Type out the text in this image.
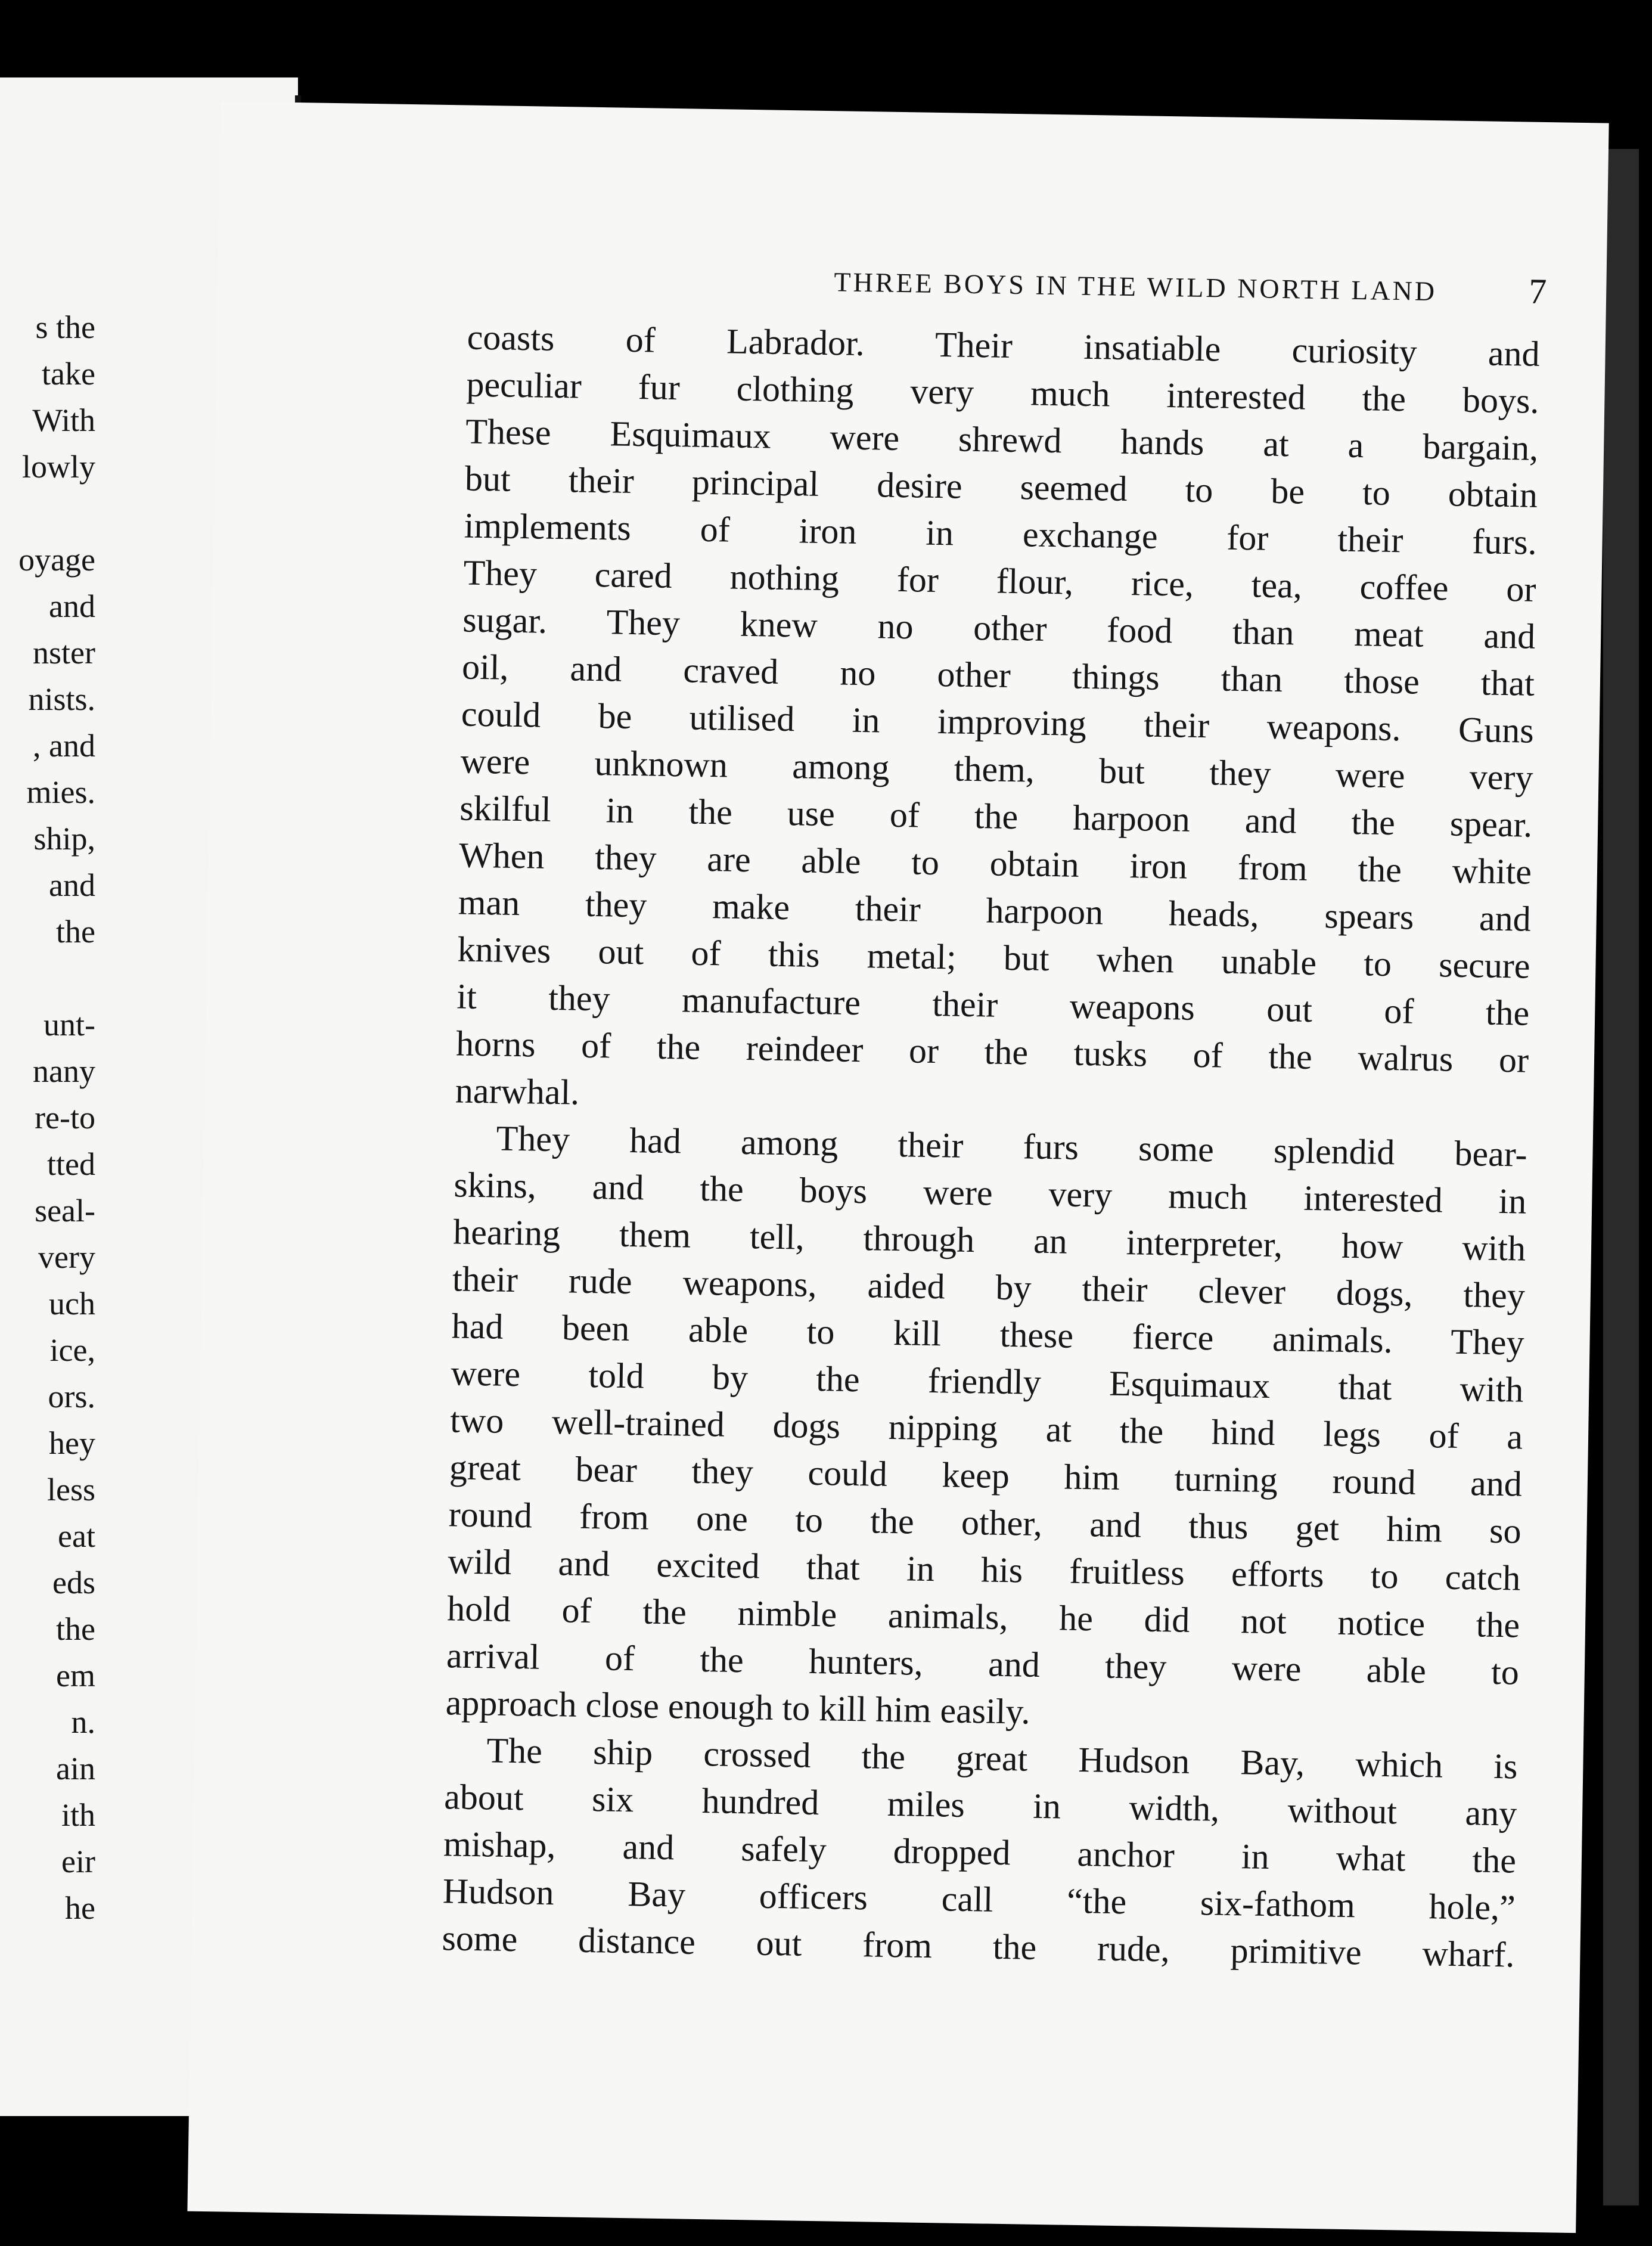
s the
take
With
lowly
oyage
and
nster
nists.
, and
mies.
ship,
and
the
unt-
nany
re-to
tted
seal-
very
uch
ice,
ors.
hey
less
eat
eds
the
em
n.
ain
ith
eir
he
THREE BOYS IN THE WILD NORTH LAND	7
coasts of Labrador. Their insatiable curiosity and
peculiar fur clothing very much interested the boys.
These Esquimaux were shrewd hands at a bargain,
but their principal desire seemed to be to obtain
implements of iron in exchange for their furs.
They cared nothing for flour, rice, tea, coffee or
sugar. They knew no other food than meat and
oil, and craved no other things than those that
could be utilised in improving their weapons. Guns
were unknown among them, but they were very
skilful in the use of the harpoon and the spear.
When they are able to obtain iron from the white
man they make their harpoon heads, spears and
knives out of this metal; but when unable to secure
it they manufacture their weapons out of the
horns of the reindeer or the tusks of the walrus or
narwhal.
They had among their furs some splendid bear-
skins, and the boys were very much interested in
hearing them tell, through an interpreter, how with
their rude weapons, aided by their clever dogs, they
had been able to kill these fierce animals. They
were told by the friendly Esquimaux that with
two well-trained dogs nipping at the hind legs of a
great bear they could keep him turning round and
round from one to the other, and thus get him so
wild and excited that in his fruitless efforts to catch
hold of the nimble animals, he did not notice the
arrival of the hunters, and they were able to
approach close enough to kill him easily.
The ship crossed the great Hudson Bay, which is
about six hundred miles in width, without any
mishap, and safely dropped anchor in what the
Hudson Bay officers call “the six-fathom hole,”
some distance out from the rude, primitive wharf.
